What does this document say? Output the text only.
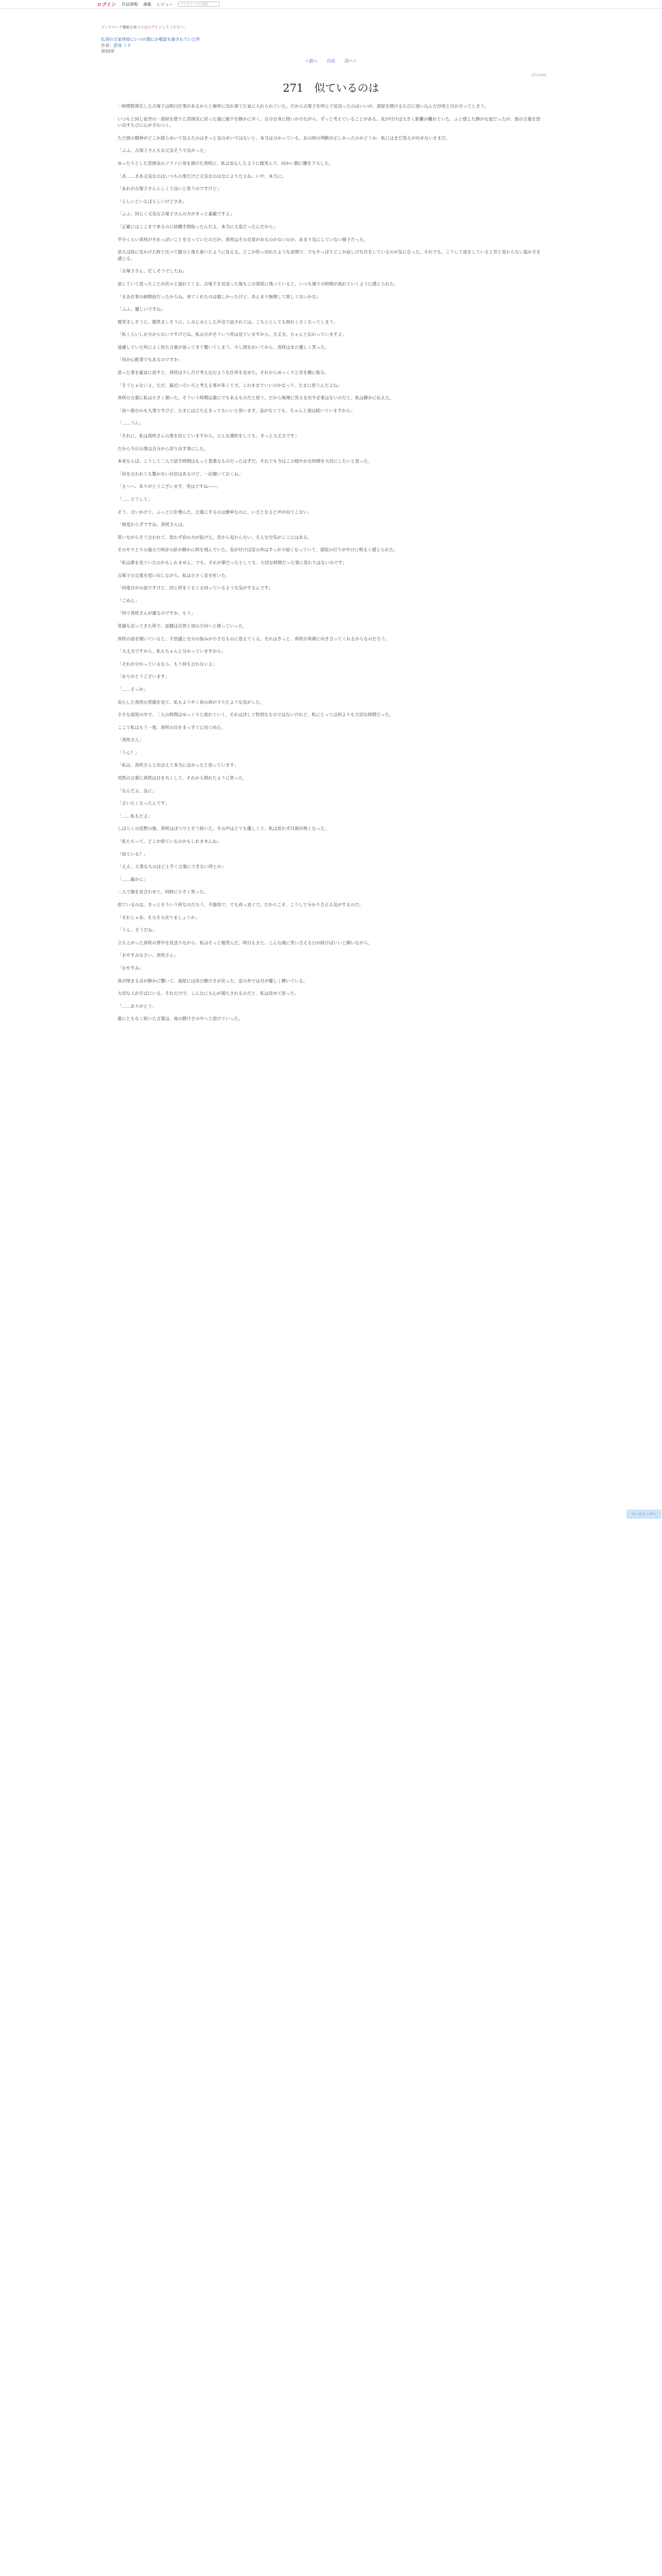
ログイン 作品情報 連載 レビュー	ブックマークに追加
ブックマーク機能を使うにはログインしてください。
仏頂の王家侍従にいつの間にか敬語も崩されていた件
作者：雲母 ミナ
第50章
＜前へ 目次 次へ＞
271/420
271　似ているのは

一時間程滞在した古塚子は明日仕事があるからと簡単に荒れ果てた家に入れられていた。だから古塚子を呼んで見送ったのはいいが、部屋を開けるたびに迷い込んだ沙里と目が合ってしまう。

いつもと同じ宿舎の一部屋を借りた雰囲気に戻った後に廊下を静かに歩く。自分自身に問いかけながら、ずっと考えていることがある。気が付けば大きく距離が離れていた。ふと感じた静かな夜だったが、彼の言葉を思い出すたびに心がざわつく。

ただ彼の精神がどこか揺らめいて見えたのはきっと気のせいではないと、本当は分かっている。あの時の判断が正しかったのかどうか、私にはまだ答えが出せないままだ。

「ふふ、古塚子さんもお元気そうで良かった」

ゆったりとした雰囲気のソファに身を預けた真咲に、私は安心したように微笑んで、向かい側に腰を下ろした。

「あ……まあ元気なのはいつもの事だけど元気なのはなによりだよね。いや、本当に」

「あれが古塚子さんらしくて良いと思うのですけど」

「らしいといえばらしいけどさあ」

「ふふ、同じく元気な古塚子さんの方がきっと素敵ですよ」

「正確にはここまで来るのに結構手間取ったんだよ。本当に大変だったんだから」

半分くらい真咲がそれっぽいことを言っていたのだが、真咲はその自覚があるのかないのか、あまり気にしていない様子だった。

思えば前に見かけた時と比べて随分と落ち着いたように見える。どこか吹っ切れたような表情で、でもやっぱりどこか寂しげな目をしているのが気になった。それでも、こうして話をしていると昔と変わらない温かさを感じる。

「古塚子さん、忙しそうでしたね」

話していて思ったことが次々と溢れてくる。古塚子を見送った後もこの部屋に残っていると、いつも通りの時間が流れていくように感じられた。

「まあ仕事の納期前だったからね。来てくれたのは嬉しかったけど、あんまり無理して欲しくないかな」

「ふふ、優しいですね」

微笑ましそうに、微笑ましそうに。しみじみとした声音で話されては、こちらとしても照れくさくなってしまう。

「私くらいしか分からないですけどね。私の方がそういう所は見ていますから。大丈夫、ちゃんと伝わっていますよ」

遠慮していた所によく似た言葉が返ってきて驚いてしまう。少し間をおいてから、真咲はまた優しく笑った。

「何か心配事でもあるのですか」

思った事を素直に話すと、真咲は少しだけ考え込むような仕草を見せた。それからゆっくりと首を横に振る。

「そうじゃないよ。ただ、最近いろいろと考える事が多くてさ。このままでいいのかなって、たまに思うんだよね」

真咲の言葉に私は小さく頷いた。そういう時期は誰にでもあるものだと思う。だから無理に答えを出す必要はないのだと、私は静かに伝えた。

「前へ進むのも大事ですけど、たまには立ち止まってもいいと思います。急がなくても、ちゃんと道は続いていますから」

「……うん」

「それに、私は真咲さんの事を信じていますから。どんな選択をしても、きっと大丈夫です」

だから今日の事は自分から切り出す事にした。

本来ならば、こうして二人で話す時間はもっと貴重なものだったはずだ。それでも今はこの穏やかな時間を大切にしたいと思った。

「何を言われても驚かない自信はあるけど、一応聞いておくね」

「えへへ、ありがとうございます。実はですね――」

「……どうして」

そう、言いかけて、ふっと口を噤んだ。言葉にするのは簡単なのに、いざとなると声が出てこない。

「相変わらずですね、真咲さんは」

笑いながらそう言われて、思わず肩の力が抜けた。昔から変わらない、そんな空気がここにはある。

そのやりとりの後ろで時計の針が静かに時を刻んでいた。気が付けば窓の外はすっかり暗くなっていて、部屋の灯りがやけに明るく感じられた。

「私は夢を見ていたのかもしれません。でも、それが夢だったとしても、大切な時間だった事に変わりはないのです」

古塚子の言葉を思い出しながら、私は小さく息を吐いた。

「何度目かの話ですけど、同じ所をぐるぐる回っているような気がするんです」

「ごめん」

「何で真咲さんが謝るのですか、もう」

笑顔も戻ってきた所で、話題は自然と別の方向へと移っていった。

真咲の話を聞いていると、不思議と自分の悩みが小さなものに思えてくる。それはきっと、真咲が真剣に向き合ってくれるからなのだろう。

「大丈夫ですから。私もちゃんと分かっていますから」

「それが分かっているなら、もう何も言わないよ」

「ありがとうございます」

「……そっか」

安心した真咲の笑顔を見て、私もようやく肩の荷が下りたような気がした。

小さな部屋の中で、二人の時間はゆっくりと流れていく。それは決して特別なものではないけれど、私にとっては何よりも大切な時間だった。

ここで私はもう一度、真咲の目をまっすぐに見つめた。

「真咲さん」

「うん？」

「私は、真咲さんと出会えて本当に良かったと思っています」

突然の言葉に真咲は目を丸くして、それから照れたように笑った。

「なんだよ、急に」

「言いたくなったんです」

「……私もだよ」

しばらくの沈黙の後、真咲はぽつりとそう呟いた。その声はとても優しくて、私は思わず目頭が熱くなった。

「私たちって、どこか似ているのかもしれませんね」

「似ている？」

「ええ。大事なものほど上手く言葉にできない所とか」

「……確かに」

二人で顔を見合わせて、同時に小さく笑った。

似ているのは、きっとそういう所なのだろう。不器用で、でも真っ直ぐで。だからこそ、こうして分かり合える気がするのだ。

「それじゃあ、そろそろ戻りましょうか」

「うん、そうだね」

立ち上がった真咲の背中を見送りながら、私はそっと微笑んだ。明日もまた、こんな風に笑い合える日が続けばいいと願いながら。

「おやすみなさい、真咲さん」

「おやすみ」

扉が閉まる音が静かに響いて、部屋には再び静けさが戻った。窓の外では月が優しく輝いている。

大切な人がそばにいる。それだけで、こんなにも心が満たされるのだと、私は改めて思った。

「……ありがとう」

誰にともなく呟いた言葉は、夜の静けさの中へと溶けていった。

ページトップへ
